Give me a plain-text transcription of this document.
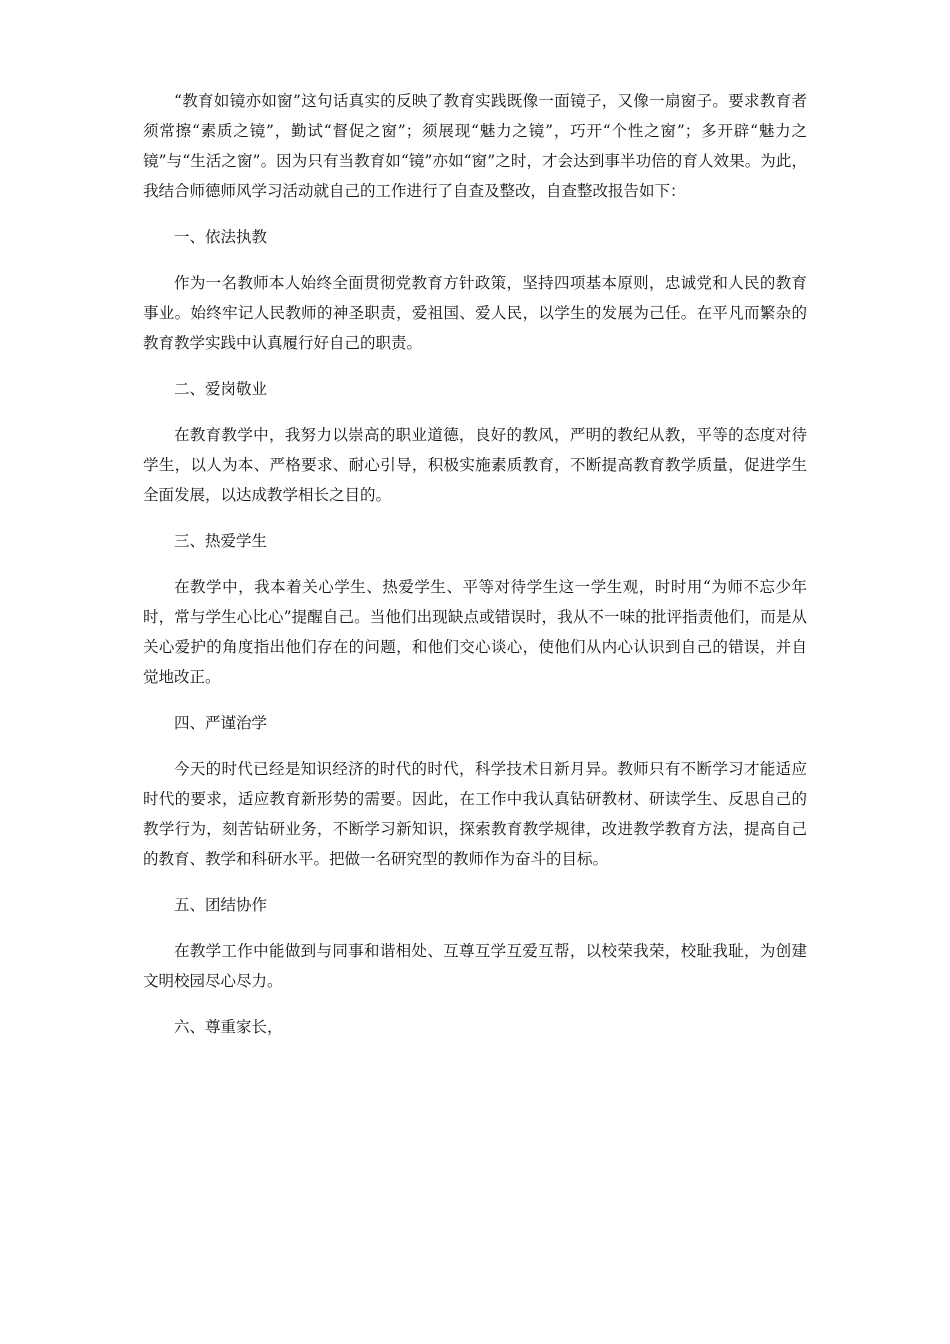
“教育如镜亦如窗”这句话真实的反映了教育实践既像一面镜子，又像一扇窗子。要求教育者须常擦“素质之镜”，勤试“督促之窗”；须展现“魅力之镜”，巧开“个性之窗”；多开辟“魅力之镜”与“生活之窗”。因为只有当教育如“镜”亦如“窗”之时，才会达到事半功倍的育人效果。为此，我结合师德师风学习活动就自己的工作进行了自查及整改，自查整改报告如下：

一、依法执教

作为一名教师本人始终全面贯彻党教育方针政策，坚持四项基本原则，忠诚党和人民的教育事业。始终牢记人民教师的神圣职责，爱祖国、爱人民，以学生的发展为己任。在平凡而繁杂的教育教学实践中认真履行好自己的职责。

二、爱岗敬业

在教育教学中，我努力以崇高的职业道德，良好的教风，严明的教纪从教，平等的态度对待学生，以人为本、严格要求、耐心引导，积极实施素质教育，不断提高教育教学质量，促进学生全面发展，以达成教学相长之目的。

三、热爱学生

在教学中，我本着关心学生、热爱学生、平等对待学生这一学生观，时时用“为师不忘少年时，常与学生心比心”提醒自己。当他们出现缺点或错误时，我从不一味的批评指责他们，而是从关心爱护的角度指出他们存在的问题，和他们交心谈心，使他们从内心认识到自己的错误，并自觉地改正。

四、严谨治学

今天的时代已经是知识经济的时代的时代，科学技术日新月异。教师只有不断学习才能适应时代的要求，适应教育新形势的需要。因此，在工作中我认真钻研教材、研读学生、反思自己的教学行为，刻苦钻研业务，不断学习新知识，探索教育教学规律，改进教学教育方法，提高自己的教育、教学和科研水平。把做一名研究型的教师作为奋斗的目标。

五、团结协作

在教学工作中能做到与同事和谐相处、互尊互学互爱互帮，以校荣我荣，校耻我耻，为创建文明校园尽心尽力。

六、尊重家长，
